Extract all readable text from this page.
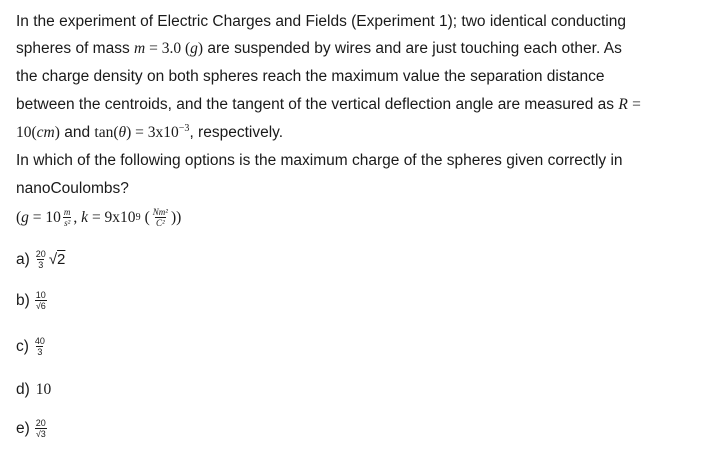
In the experiment of Electric Charges and Fields (Experiment 1); two identical conducting
spheres of mass m = 3.0 (g) are suspended by wires and are just touching each other. As
the charge density on both spheres reach the maximum value the separation distance
between the centroids, and the tangent of the vertical deflection angle are measured as R =
10(cm) and $\tan(\theta) = 3x10^{-3}$, respectively.
In which of the following options is the maximum charge of the spheres given correctly in
nanoCoulombs?
( $g = 10 \frac{m}{\text{s²}}$ , k = 9x10 9 ( $\frac{\text{Nm²}}{\text{C²}}$ ) )
$a) \frac{20}{3} √2$
$b) \frac{10}{√6}$
$c) \frac{40}{3}$
d) 10
$e) \frac{20}{√3}$
